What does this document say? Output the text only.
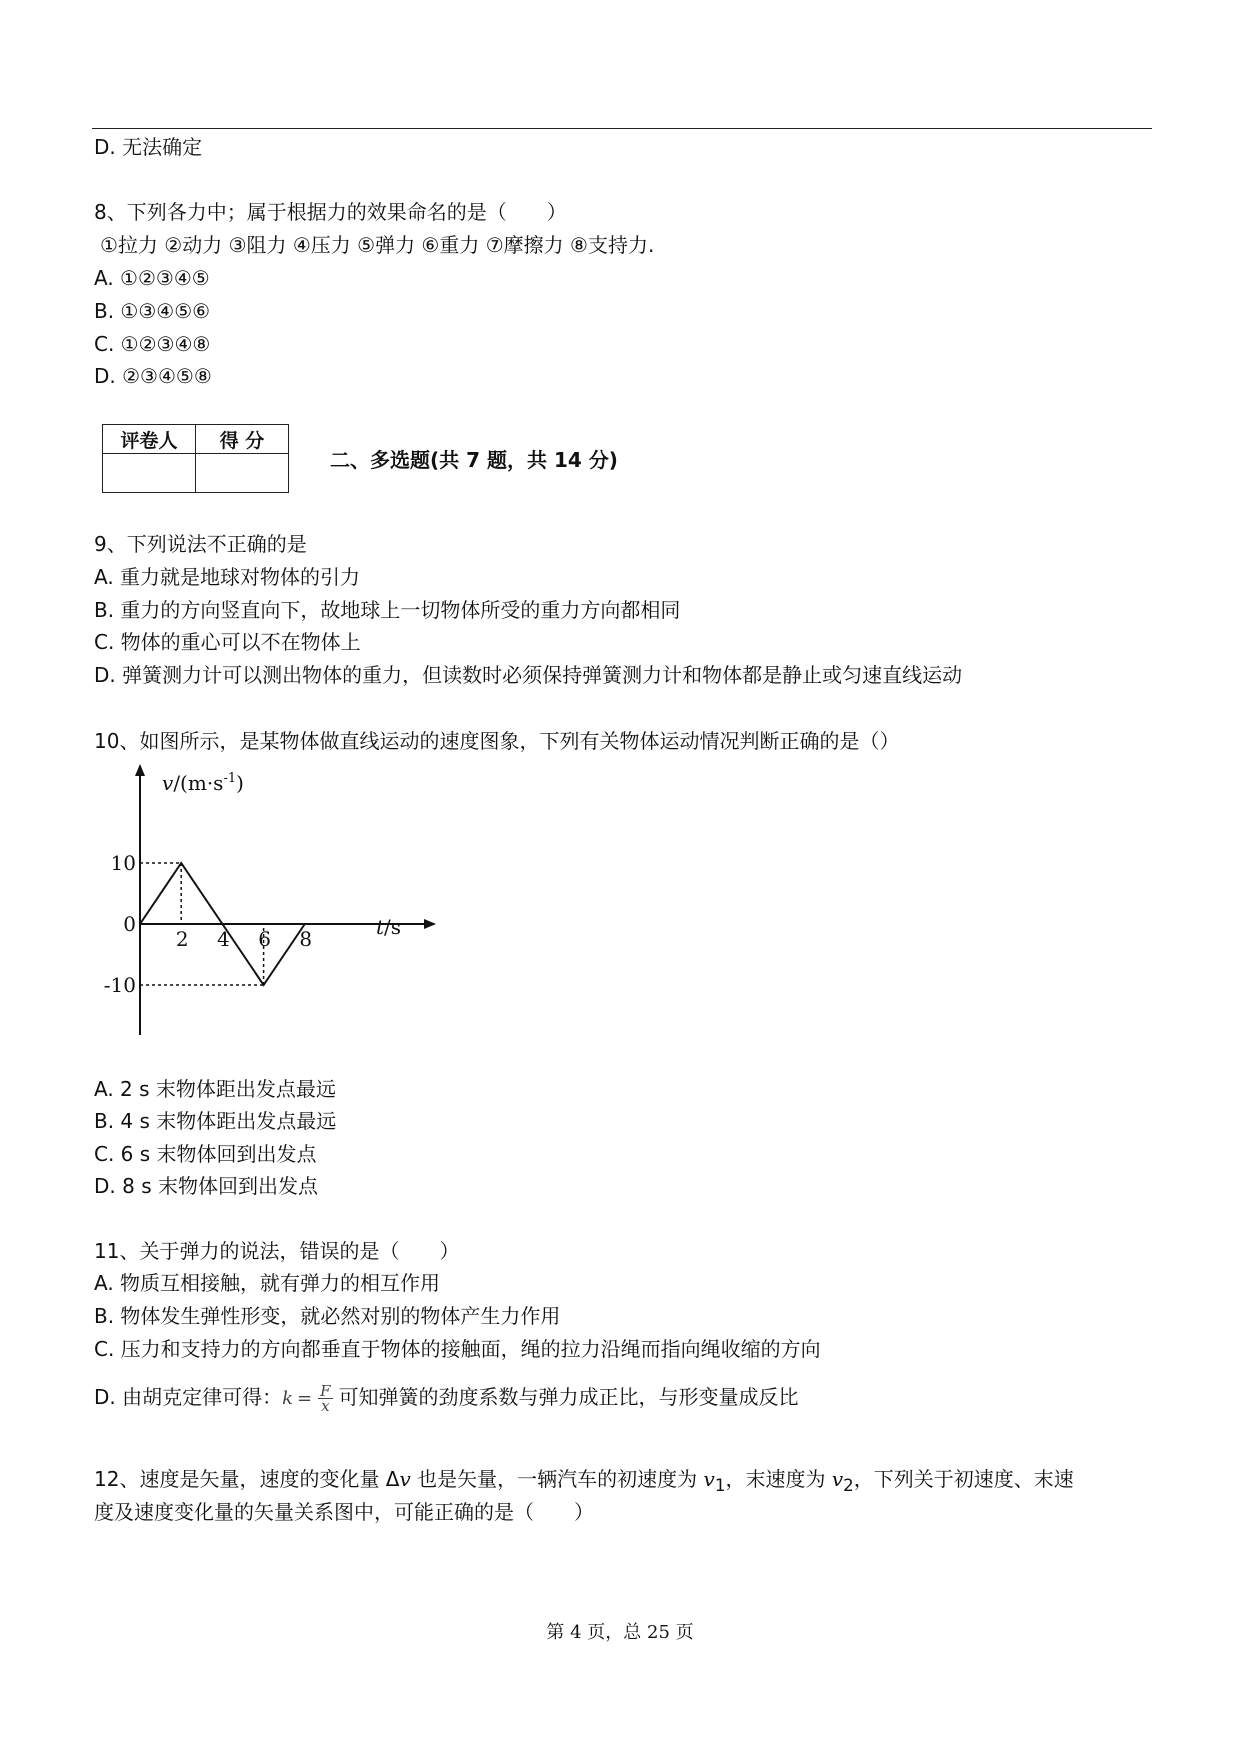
D. 无法确定
8、下列各力中；属于根据力的效果命名的是（　　）
①拉力 ②动力 ③阻力 ④压力 ⑤弹力 ⑥重力 ⑦摩擦力 ⑧支持力.
A. ①②③④⑤
B. ①③④⑤⑥
C. ①②③④⑧
D. ②③④⑤⑧
评卷人	得 分

二、多选题(共 7 题，共 14 分)
9、下列说法不正确的是
A. 重力就是地球对物体的引力
B. 重力的方向竖直向下，故地球上一切物体所受的重力方向都相同
C. 物体的重心可以不在物体上
D. 弹簧测力计可以测出物体的重力，但读数时必须保持弹簧测力计和物体都是静止或匀速直线运动
10、如图所示，是某物体做直线运动的速度图象，下列有关物体运动情况判断正确的是（）
$v/(m\cdot s^{-1})$
t/s
2 4 6 8
10
0
-10
A. 2 s 末物体距出发点最远
B. 4 s 末物体距出发点最远
C. 6 s 末物体回到出发点
D. 8 s 末物体回到出发点
11、关于弹力的说法，错误的是（　　）
A. 物质互相接触，就有弹力的相互作用
B. 物体发生弹性形变，就必然对别的物体产生力作用
C. 压力和支持力的方向都垂直于物体的接触面，绳的拉力沿绳而指向绳收缩的方向
D. 由胡克定律可得：$k = \frac{F}{x}$ 可知弹簧的劲度系数与弹力成正比，与形变量成反比
12、速度是矢量，速度的变化量 Δv 也是矢量，一辆汽车的初速度为 $v_1$，末速度为 $v_2$，下列关于初速度、末速
度及速度变化量的矢量关系图中，可能正确的是（　　）
第 4 页，总 25 页
